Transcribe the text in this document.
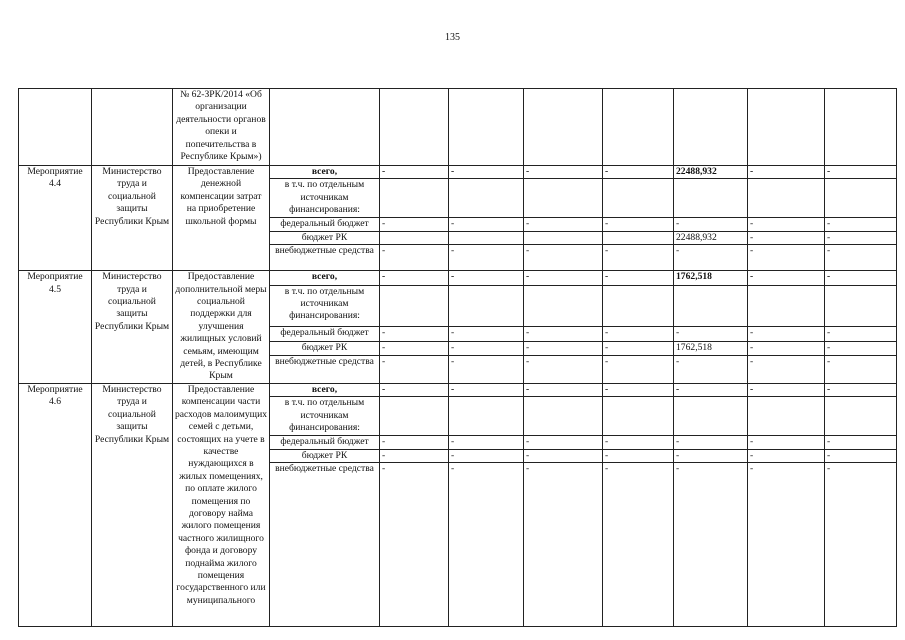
135
		№ 62-ЗРК/2014 «Об организации деятельности органов опеки и попечительства в Республике Крым»)								
Мероприятие 4.4	Министерство труда и социальной защиты Республики Крым	Предоставление денежной компенсации затрат на приобретение школьной формы	всего,	-	-	-	-	22488,932	-	-
			в т.ч. по отдельным источникам финансирования:							
			федеральный бюджет	-	-	-	-	-	-	-
			бюджет РК					22488,932	-	-
			внебюджетные средства	-	-	-	-	-	-	-
Мероприятие 4.5	Министерство труда и социальной защиты Республики Крым	Предоставление дополнительной меры социальной поддержки для улучшения жилищных условий семьям, имеющим детей, в Республике Крым	всего,	-	-	-	-	1762,518	-	-
			в т.ч. по отдельным источникам финансирования:							
			федеральный бюджет	-	-	-	-	-	-	-
			бюджет РК	-	-	-	-	1762,518	-	-
			внебюджетные средства	-	-	-	-	-	-	-
Мероприятие 4.6	Министерство труда и социальной защиты Республики Крым	Предоставление компенсации части расходов малоимущих семей с детьми, состоящих на учете в качестве нуждающихся в жилых помещениях, по оплате жилого помещения по договору найма жилого помещения частного жилищного фонда и договору поднайма жилого помещения государственного или муниципального	всего,	-	-	-	-	-	-	-
			в т.ч. по отдельным источникам финансирования:							
			федеральный бюджет	-	-	-	-	-	-	-
			бюджет РК	-	-	-	-	-	-	-
			внебюджетные средства	-	-	-	-	-	-	-
